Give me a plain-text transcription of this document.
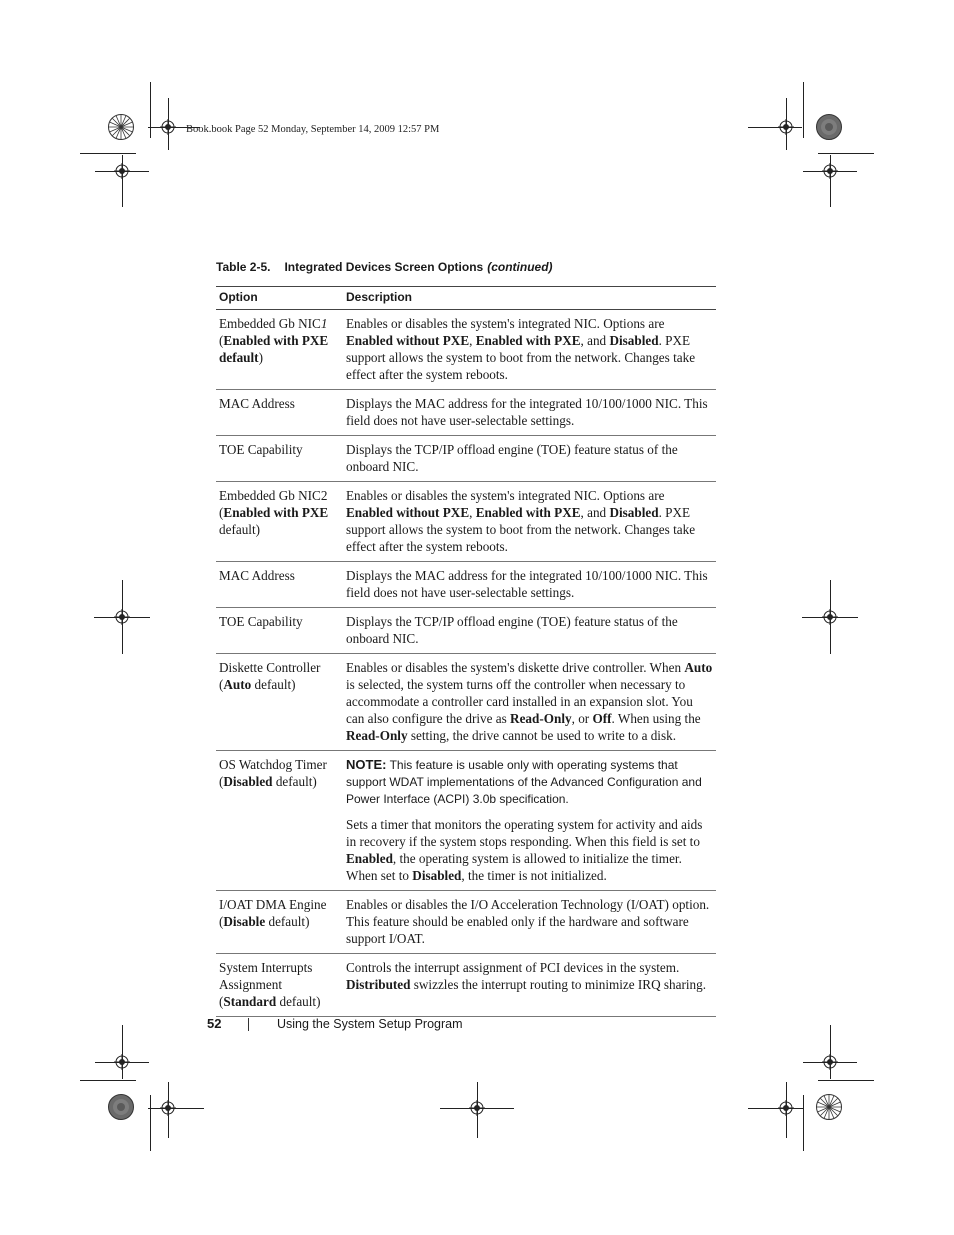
Book.book Page 52 Monday, September 14, 2009 12:57 PM
Table 2-5. Integrated Devices Screen Options (continued)
Option	Description
Embedded Gb NIC1 (Enabled with PXE default)	Enables or disables the system's integrated NIC. Options are Enabled without PXE, Enabled with PXE, and Disabled. PXE support allows the system to boot from the network. Changes take effect after the system reboots.
MAC Address	Displays the MAC address for the integrated 10/100/1000 NIC. This field does not have user-selectable settings.
TOE Capability	Displays the TCP/IP offload engine (TOE) feature status of the onboard NIC.
Embedded Gb NIC2 (Enabled with PXE default)	Enables or disables the system's integrated NIC. Options are Enabled without PXE, Enabled with PXE, and Disabled. PXE support allows the system to boot from the network. Changes take effect after the system reboots.
MAC Address	Displays the MAC address for the integrated 10/100/1000 NIC. This field does not have user-selectable settings.
TOE Capability	Displays the TCP/IP offload engine (TOE) feature status of the onboard NIC.
Diskette Controller (Auto default)	Enables or disables the system's diskette drive controller. When Auto is selected, the system turns off the controller when necessary to accommodate a controller card installed in an expansion slot. You can also configure the drive as Read-Only, or Off. When using the Read-Only setting, the drive cannot be used to write to a disk.
OS Watchdog Timer (Disabled default)	NOTE: This feature is usable only with operating systems that support WDAT implementations of the Advanced Configuration and Power Interface (ACPI) 3.0b specification.
Sets a timer that monitors the operating system for activity and aids in recovery if the system stops responding. When this field is set to Enabled, the operating system is allowed to initialize the timer. When set to Disabled, the timer is not initialized.

I/OAT DMA Engine (Disable default)	Enables or disables the I/O Acceleration Technology (I/OAT) option. This feature should be enabled only if the hardware and software support I/OAT.
System Interrupts Assignment (Standard default)	Controls the interrupt assignment of PCI devices in the system. Distributed swizzles the interrupt routing to minimize IRQ sharing.
52	Using the System Setup Program
